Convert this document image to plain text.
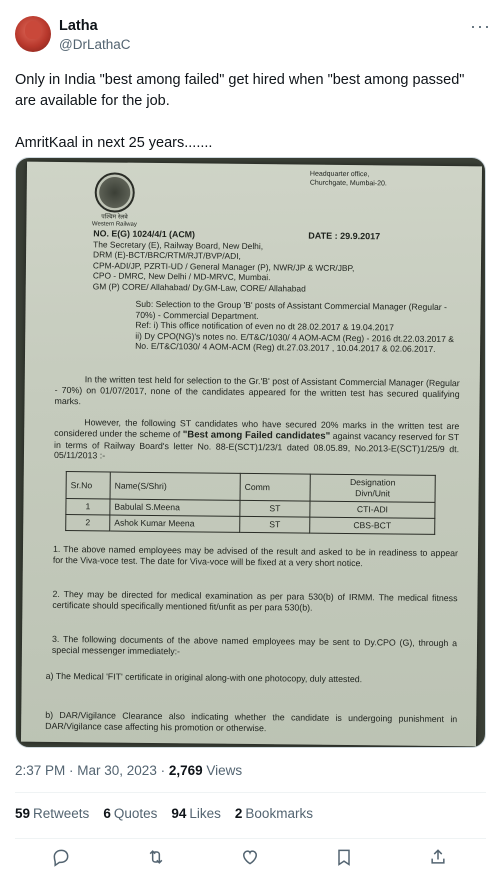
Latha
@DrLathaC
···

Only in India "best among failed" get hired when "best among passed" are available for the job.

AmritKaal in next 25 years.......

पश्चिम रेलवे
Western Railway
Headquarter office,
Churchgate, Mumbai-20.
NO. E(G) 1024/4/1 (ACM)	DATE : 29.9.2017
The Secretary (E), Railway Board, New Delhi,
DRM (E)-BCT/BRC/RTM/RJT/BVP/ADI,
CPM-ADI/JP, PZRTI-UD / General Manager (P), NWR/JP & WCR/JBP,
CPO - DMRC, New Delhi / MD-MRVC, Mumbai.
GM (P) CORE/ Allahabad/ Dy.GM-Law, CORE/ Allahabad
Sub: Selection to the Group 'B' posts of Assistant Commercial Manager (Regular - 70%) - Commercial Department.
Ref: i) This office notification of even no dt 28.02.2017 & 19.04.2017
ii) Dy CPO(NG)'s notes no. E/T&C/1030/ 4 AOM-ACM (Reg) - 2016 dt.22.03.2017 & No. E/T&C/1030/ 4 AOM-ACM (Reg) dt.27.03.2017 , 10.04.2017 & 02.06.2017.
In the written test held for selection to the Gr.'B' post of Assistant Commercial Manager (Regular - 70%) on 01/07/2017, none of the candidates appeared for the written test has secured qualifying marks.
However, the following ST candidates who have secured 20% marks in the written test are considered under the scheme of "Best among Failed candidates" against vacancy reserved for ST in terms of Railway Board's letter No. 88-E(SCT)1/23/1 dated 08.05.89, No.2013-E(SCT)1/25/9 dt. 05/11/2013 :-
Sr.No	Name(S/Shri)	Comm	Designation
Divn/Unit
1	Babulal S.Meena	ST	CTI-ADI
2	Ashok Kumar Meena	ST	CBS-BCT
1. The above named employees may be advised of the result and asked to be in readiness to appear for the Viva-voce test. The date for Viva-voce will be fixed at a very short notice.
2. They may be directed for medical examination as per para 530(b) of IRMM. The medical fitness certificate should specifically mentioned fit/unfit as per para 530(b).
3. The following documents of the above named employees may be sent to Dy.CPO (G), through a special messenger immediately:-
a) The Medical 'FIT' certificate in original along-with one photocopy, duly attested.
b) DAR/Vigilance Clearance also indicating whether the candidate is undergoing punishment in DAR/Vigilance case affecting his promotion or otherwise.
2:37 PM · Mar 30, 2023 · 2,769 Views
59 Retweets 6 Quotes 94 Likes 2 Bookmarks
